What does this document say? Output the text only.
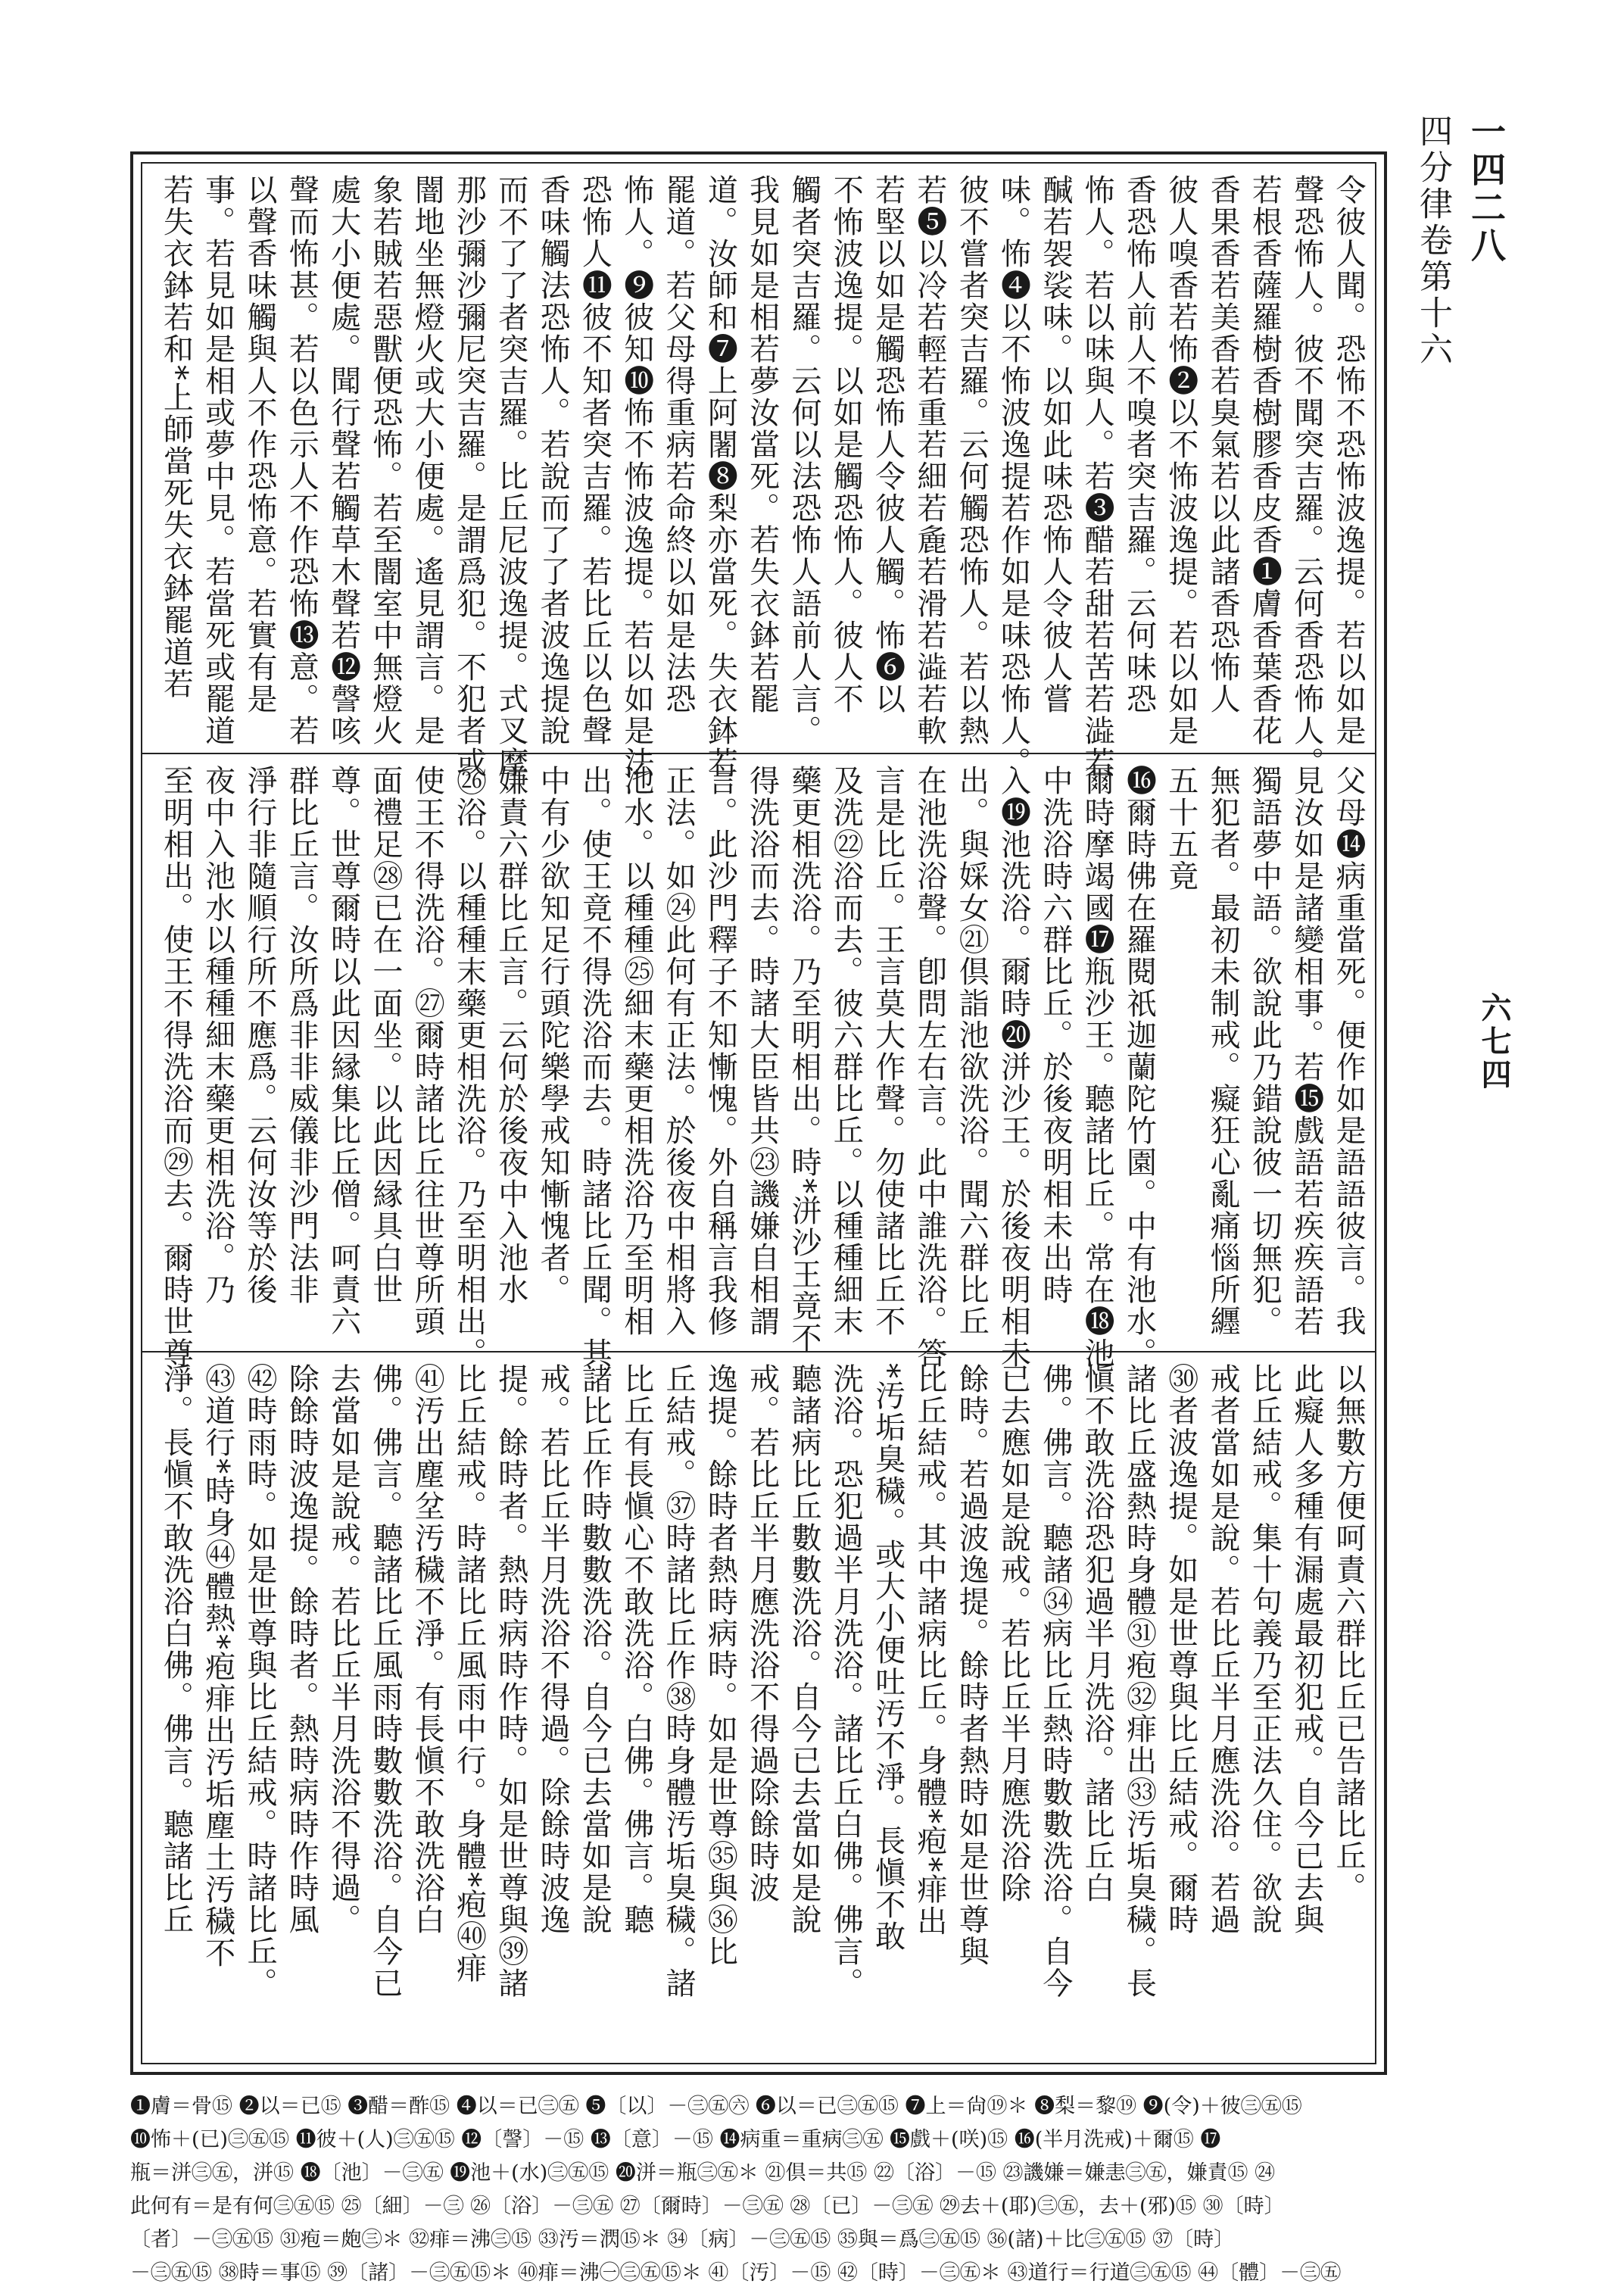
一四二八
四分律卷第十六
六七四
令彼人聞。恐怖不恐怖波逸提。若以如是
聲恐怖人。彼不聞突吉羅。云何香恐怖人。
若根香薩羅樹香樹膠香皮香❶膚香葉香花
香果香若美香若臭氣若以此諸香恐怖人
彼人嗅香若怖❷以不怖波逸提。若以如是
香恐怖人前人不嗅者突吉羅。云何味恐
怖人。若以味與人。若❸醋若甜若苦若澁若
醎若袈裟味。以如此味恐怖人令彼人嘗
味。怖❹以不怖波逸提若作如是味恐怖人。
彼不嘗者突吉羅。云何觸恐怖人。若以熱
若❺以冷若輕若重若細若麁若滑若澁若軟
若堅以如是觸恐怖人令彼人觸。怖❻以
不怖波逸提。以如是觸恐怖人。彼人不
觸者突吉羅。云何以法恐怖人語前人言。
我見如是相若夢汝當死。若失衣鉢若罷
道。汝師和❼上阿闍❽梨亦當死。失衣鉢若
罷道。若父母得重病若命終以如是法恐
怖人。❾彼知❿怖不怖波逸提。若以如是法
恐怖人⓫彼不知者突吉羅。若比丘以色聲
香味觸法恐怖人。若說而了了者波逸提說
而不了了者突吉羅。比丘尼波逸提。式叉摩
那沙彌沙彌尼突吉羅。是謂爲犯。不犯者或
闇地坐無燈火或大小便處。遙見謂言。是
象若賊若惡獸便恐怖。若至闇室中無燈火
處大小便處。聞行聲若觸草木聲若⓬謦咳
聲而怖甚。若以色示人不作恐怖⓭意。若
以聲香味觸與人不作恐怖意。若實有是
事。若見如是相或夢中見。若當死或罷道
若失衣鉢若和*上師當死失衣鉢罷道若
父母⓮病重當死。便作如是語語彼言。我
見汝如是諸變相事。若⓯戲語若疾疾語若
獨語夢中語。欲說此乃錯說彼一切無犯。
無犯者。最初未制戒。癡狂心亂痛惱所纒
五十五竟
⓰爾時佛在羅閱祇迦蘭陀竹園。中有池水。
爾時摩竭國⓱瓶沙王。聽諸比丘。常在⓲池
中洗浴時六群比丘。於後夜明相未出時
入⓳池洗浴。爾時⓴洴沙王。於後夜明相未
出。與婇女㉑倶詣池欲洗浴。聞六群比丘
在池洗浴聲。卽問左右言。此中誰洗浴。答
言是比丘。王言莫大作聲。勿使諸比丘不
及洗㉒浴而去。彼六群比丘。以種種細末
藥更相洗浴。乃至明相出。時*洴沙王竟不
得洗浴而去。時諸大臣皆共㉓譏嫌自相謂
言。此沙門釋子不知慚愧。外自稱言我修
正法。如㉔此何有正法。於後夜中相將入
池水。以種種㉕細末藥更相洗浴乃至明相
出。使王竟不得洗浴而去。時諸比丘聞。其
中有少欲知足行頭陀樂學戒知慚愧者。
嫌責六群比丘言。云何於後夜中入池水
㉖浴。以種種末藥更相洗浴。乃至明相出。
使王不得洗浴。㉗爾時諸比丘往世尊所頭
面禮足㉘已在一面坐。以此因縁具白世
尊。世尊爾時以此因縁集比丘僧。呵責六
群比丘言。汝所爲非非威儀非沙門法非
淨行非隨順行所不應爲。云何汝等於後
夜中入池水以種種細末藥更相洗浴。乃
至明相出。使王不得洗浴而㉙去。爾時世尊
以無數方便呵責六群比丘已告諸比丘。
此癡人多種有漏處最初犯戒。自今已去與
比丘結戒。集十句義乃至正法久住。欲說
戒者當如是說。若比丘半月應洗浴。若過
㉚者波逸提。如是世尊與比丘結戒。爾時
諸比丘盛熱時身體㉛疱㉜痱出㉝汚垢臭穢。長
愼不敢洗浴恐犯過半月洗浴。諸比丘白
佛。佛言。聽諸㉞病比丘熱時數數洗浴。自今
已去應如是說戒。若比丘半月應洗浴除
餘時。若過波逸提。餘時者熱時如是世尊與
比丘結戒。其中諸病比丘。身體*疱*痱出
*汚垢臭穢。或大小便吐汚不淨。長愼不敢
洗浴。恐犯過半月洗浴。諸比丘白佛。佛言。
聽諸病比丘數數洗浴。自今已去當如是說
戒。若比丘半月應洗浴不得過除餘時波
逸提。餘時者熱時病時。如是世尊㉟與㊱比
丘結戒。㊲時諸比丘作㊳時身體汚垢臭穢。諸
比丘有長愼心不敢洗浴。白佛。佛言。聽
諸比丘作時數數洗浴。自今已去當如是說
戒。若比丘半月洗浴不得過。除餘時波逸
提。餘時者。熱時病時作時。如是世尊與㊴諸
比丘結戒。時諸比丘風雨中行。身體*疱㊵痱
㊶汚出塵坌汚穢不淨。有長愼不敢洗浴白
佛。佛言。聽諸比丘風雨時數數洗浴。自今已
去當如是說戒。若比丘半月洗浴不得過。
除餘時波逸提。餘時者。熱時病時作時風
㊷時雨時。如是世尊與比丘結戒。時諸比丘。
㊸道行*時身㊹體熱*疱痱出汚垢塵土汚穢不
淨。長愼不敢洗浴白佛。佛言。聽諸比丘
❶膚＝骨⑮ ❷以＝已⑮ ❸醋＝酢⑮ ❹以＝已㊂㊄ ❺〔以〕－㊂㊄㊅ ❻以＝已㊂㊄⑮ ❼上＝尙⑲＊ ❽梨＝黎⑲ ❾(令)＋彼㊂㊄⑮
❿怖＋(已)㊂㊄⑮ ⓫彼＋(人)㊂㊄⑮ ⓬〔謦〕－⑮ ⓭〔意〕－⑮ ⓮病重＝重病㊂㊄ ⓯戲＋(咲)⑮ ⓰(半月洗戒)＋爾⑮ ⓱
瓶＝洴㊂㊄，洴⑮ ⓲〔池〕－㊂㊄ ⓳池＋(水)㊂㊄⑮ ⓴洴＝瓶㊂㊄＊ ㉑倶＝共⑮ ㉒〔浴〕－⑮ ㉓譏嫌＝嫌恚㊂㊄，嫌責⑮ ㉔
此何有＝是有何㊂㊄⑮ ㉕〔細〕－㊂ ㉖〔浴〕－㊂㊄ ㉗〔爾時〕－㊂㊄ ㉘〔已〕－㊂㊄ ㉙去＋(耶)㊂㊄，去＋(邪)⑮ ㉚〔時〕
〔者〕－㊂㊄⑮ ㉛疱＝皰㊂＊ ㉜痱＝沸㊂⑮ ㉝汚＝㴸⑮＊ ㉞〔病〕－㊂㊄⑮ ㉟與＝爲㊂㊄⑮ ㊱(諸)＋比㊂㊄⑮ ㊲〔時〕
－㊂㊄⑮ ㊳時＝事⑮ ㊴〔諸〕－㊂㊄⑮＊ ㊵痱＝沸㊀㊂㊄⑮＊ ㊶〔汚〕－⑮ ㊷〔時〕－㊂㊄＊ ㊸道行＝行道㊂㊄⑮ ㊹〔體〕－㊂㊄
